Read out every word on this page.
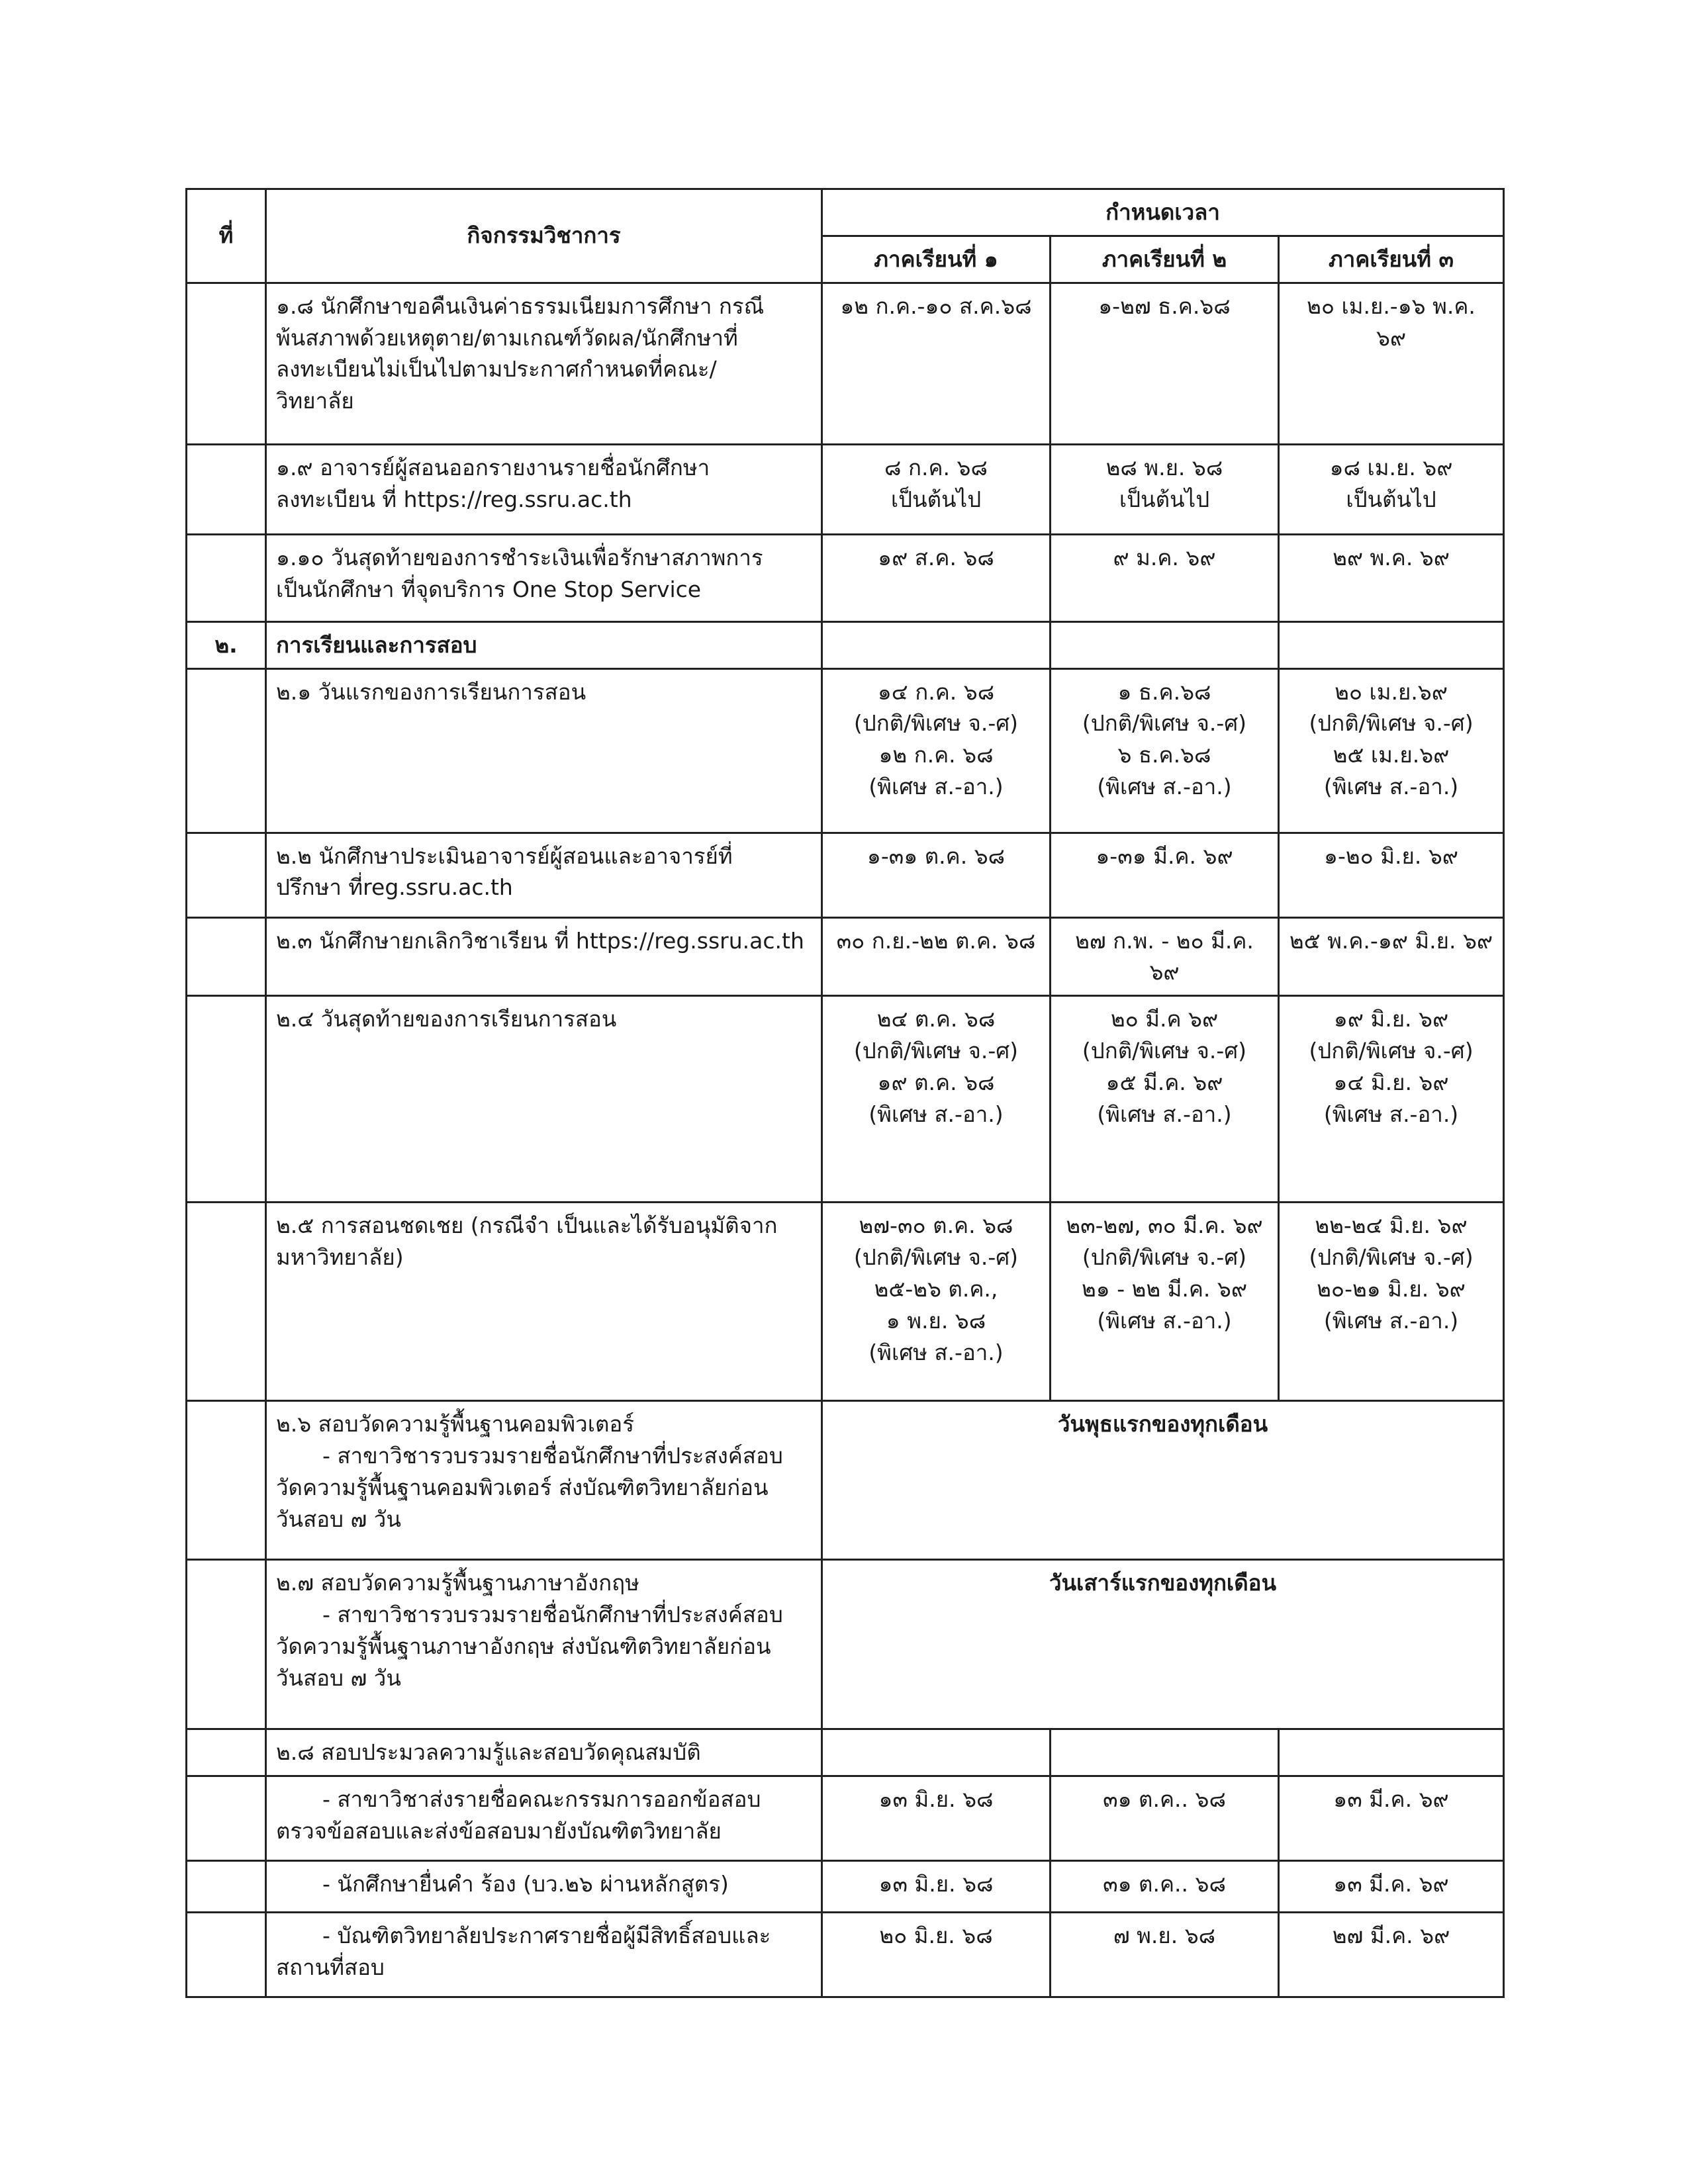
ที่	กิจกรรมวิชาการ	กำหนดเวลา		
		ภาคเรียนที่ ๑	ภาคเรียนที่ ๒	ภาคเรียนที่ ๓

	๑.๘ นักศึกษาขอคืนเงินค่าธรรมเนียมการศึกษา กรณี
พ้นสภาพด้วยเหตุตาย/ตามเกณฑ์วัดผล/นักศึกษาที่
ลงทะเบียนไม่เป็นไปตามประกาศกำหนดที่คณะ/
วิทยาลัย	๑๒ ก.ค.-๑๐ ส.ค.๖๘	๑-๒๗ ธ.ค.๖๘	๒๐ เม.ย.-๑๖ พ.ค. ๖๙

	๑.๙ อาจารย์ผู้สอนออกรายงานรายชื่อนักศึกษา
ลงทะเบียน ที่ https://reg.ssru.ac.th	๘ ก.ค. ๖๘
เป็นต้นไป	๒๘ พ.ย. ๖๘
เป็นต้นไป	๑๘ เม.ย. ๖๙
เป็นต้นไป

	๑.๑๐ วันสุดท้ายของการชำระเงินเพื่อรักษาสภาพการ
เป็นนักศึกษา ที่จุดบริการ One Stop Service	๑๙ ส.ค. ๖๘	๙ ม.ค. ๖๙	๒๙ พ.ค. ๖๙
๒.	การเรียนและการสอบ			
	๒.๑ วันแรกของการเรียนการสอน	๑๔ ก.ค. ๖๘
(ปกติ/พิเศษ จ.-ศ)
๑๒ ก.ค. ๖๘
(พิเศษ ส.-อา.)	๑ ธ.ค.๖๘
(ปกติ/พิเศษ จ.-ศ)
๖ ธ.ค.๖๘
(พิเศษ ส.-อา.)	๒๐ เม.ย.๖๙
(ปกติ/พิเศษ จ.-ศ)
๒๕ เม.ย.๖๙
(พิเศษ ส.-อา.)

	๒.๒ นักศึกษาประเมินอาจารย์ผู้สอนและอาจารย์ที่
ปรึกษา ที่reg.ssru.ac.th	๑-๓๑ ต.ค. ๖๘	๑-๓๑ มี.ค. ๖๙	๑-๒๐ มิ.ย. ๖๙
	๒.๓ นักศึกษายกเลิกวิชาเรียน ที่ https://reg.ssru.ac.th	๓๐ ก.ย.-๒๒ ต.ค. ๖๘	๒๗ ก.พ. - ๒๐ มี.ค. ๖๙	๒๕ พ.ค.-๑๙ มิ.ย. ๖๙
	๒.๔ วันสุดท้ายของการเรียนการสอน	๒๔ ต.ค. ๖๘
(ปกติ/พิเศษ จ.-ศ)
๑๙ ต.ค. ๖๘
(พิเศษ ส.-อา.)	๒๐ มี.ค ๖๙
(ปกติ/พิเศษ จ.-ศ)
๑๕ มี.ค. ๖๙
(พิเศษ ส.-อา.)	๑๙ มิ.ย. ๖๙
(ปกติ/พิเศษ จ.-ศ)
๑๔ มิ.ย. ๖๙
(พิเศษ ส.-อา.)

	๒.๕ การสอนชดเชย (กรณีจำ เป็นและได้รับอนุมัติจาก
มหาวิทยาลัย)	๒๗-๓๐ ต.ค. ๖๘
(ปกติ/พิเศษ จ.-ศ)
๒๕-๒๖ ต.ค.,
๑ พ.ย. ๖๘
(พิเศษ ส.-อา.)	๒๓-๒๗, ๓๐ มี.ค. ๖๙
(ปกติ/พิเศษ จ.-ศ)
๒๑ - ๒๒ มี.ค. ๖๙
(พิเศษ ส.-อา.)	๒๒-๒๔ มิ.ย. ๖๙
(ปกติ/พิเศษ จ.-ศ)
๒๐-๒๑ มิ.ย. ๖๙
(พิเศษ ส.-อา.)

	๒.๖ สอบวัดความรู้พื้นฐานคอมพิวเตอร์
- สาขาวิชารวบรวมรายชื่อนักศึกษาที่ประสงค์สอบ
วัดความรู้พื้นฐานคอมพิวเตอร์ ส่งบัณฑิตวิทยาลัยก่อน
วันสอบ ๗ วัน	วันพุธแรกของทุกเดือน		

	๒.๗ สอบวัดความรู้พื้นฐานภาษาอังกฤษ
- สาขาวิชารวบรวมรายชื่อนักศึกษาที่ประสงค์สอบ
วัดความรู้พื้นฐานภาษาอังกฤษ ส่งบัณฑิตวิทยาลัยก่อน
วันสอบ ๗ วัน	วันเสาร์แรกของทุกเดือน		
	๒.๘ สอบประมวลความรู้และสอบวัดคุณสมบัติ			

	- สาขาวิชาส่งรายชื่อคณะกรรมการออกข้อสอบ
ตรวจข้อสอบและส่งข้อสอบมายังบัณฑิตวิทยาลัย	๑๓ มิ.ย. ๖๘	๓๑ ต.ค.. ๖๘	๑๓ มี.ค. ๖๙

	- นักศึกษายื่นคำ ร้อง (บว.๒๖ ผ่านหลักสูตร)	๑๓ มิ.ย. ๖๘	๓๑ ต.ค.. ๖๘	๑๓ มี.ค. ๖๙

	- บัณฑิตวิทยาลัยประกาศรายชื่อผู้มีสิทธิ์สอบและ
สถานที่สอบ	๒๐ มิ.ย. ๖๘	๗ พ.ย. ๖๘	๒๗ มี.ค. ๖๙
